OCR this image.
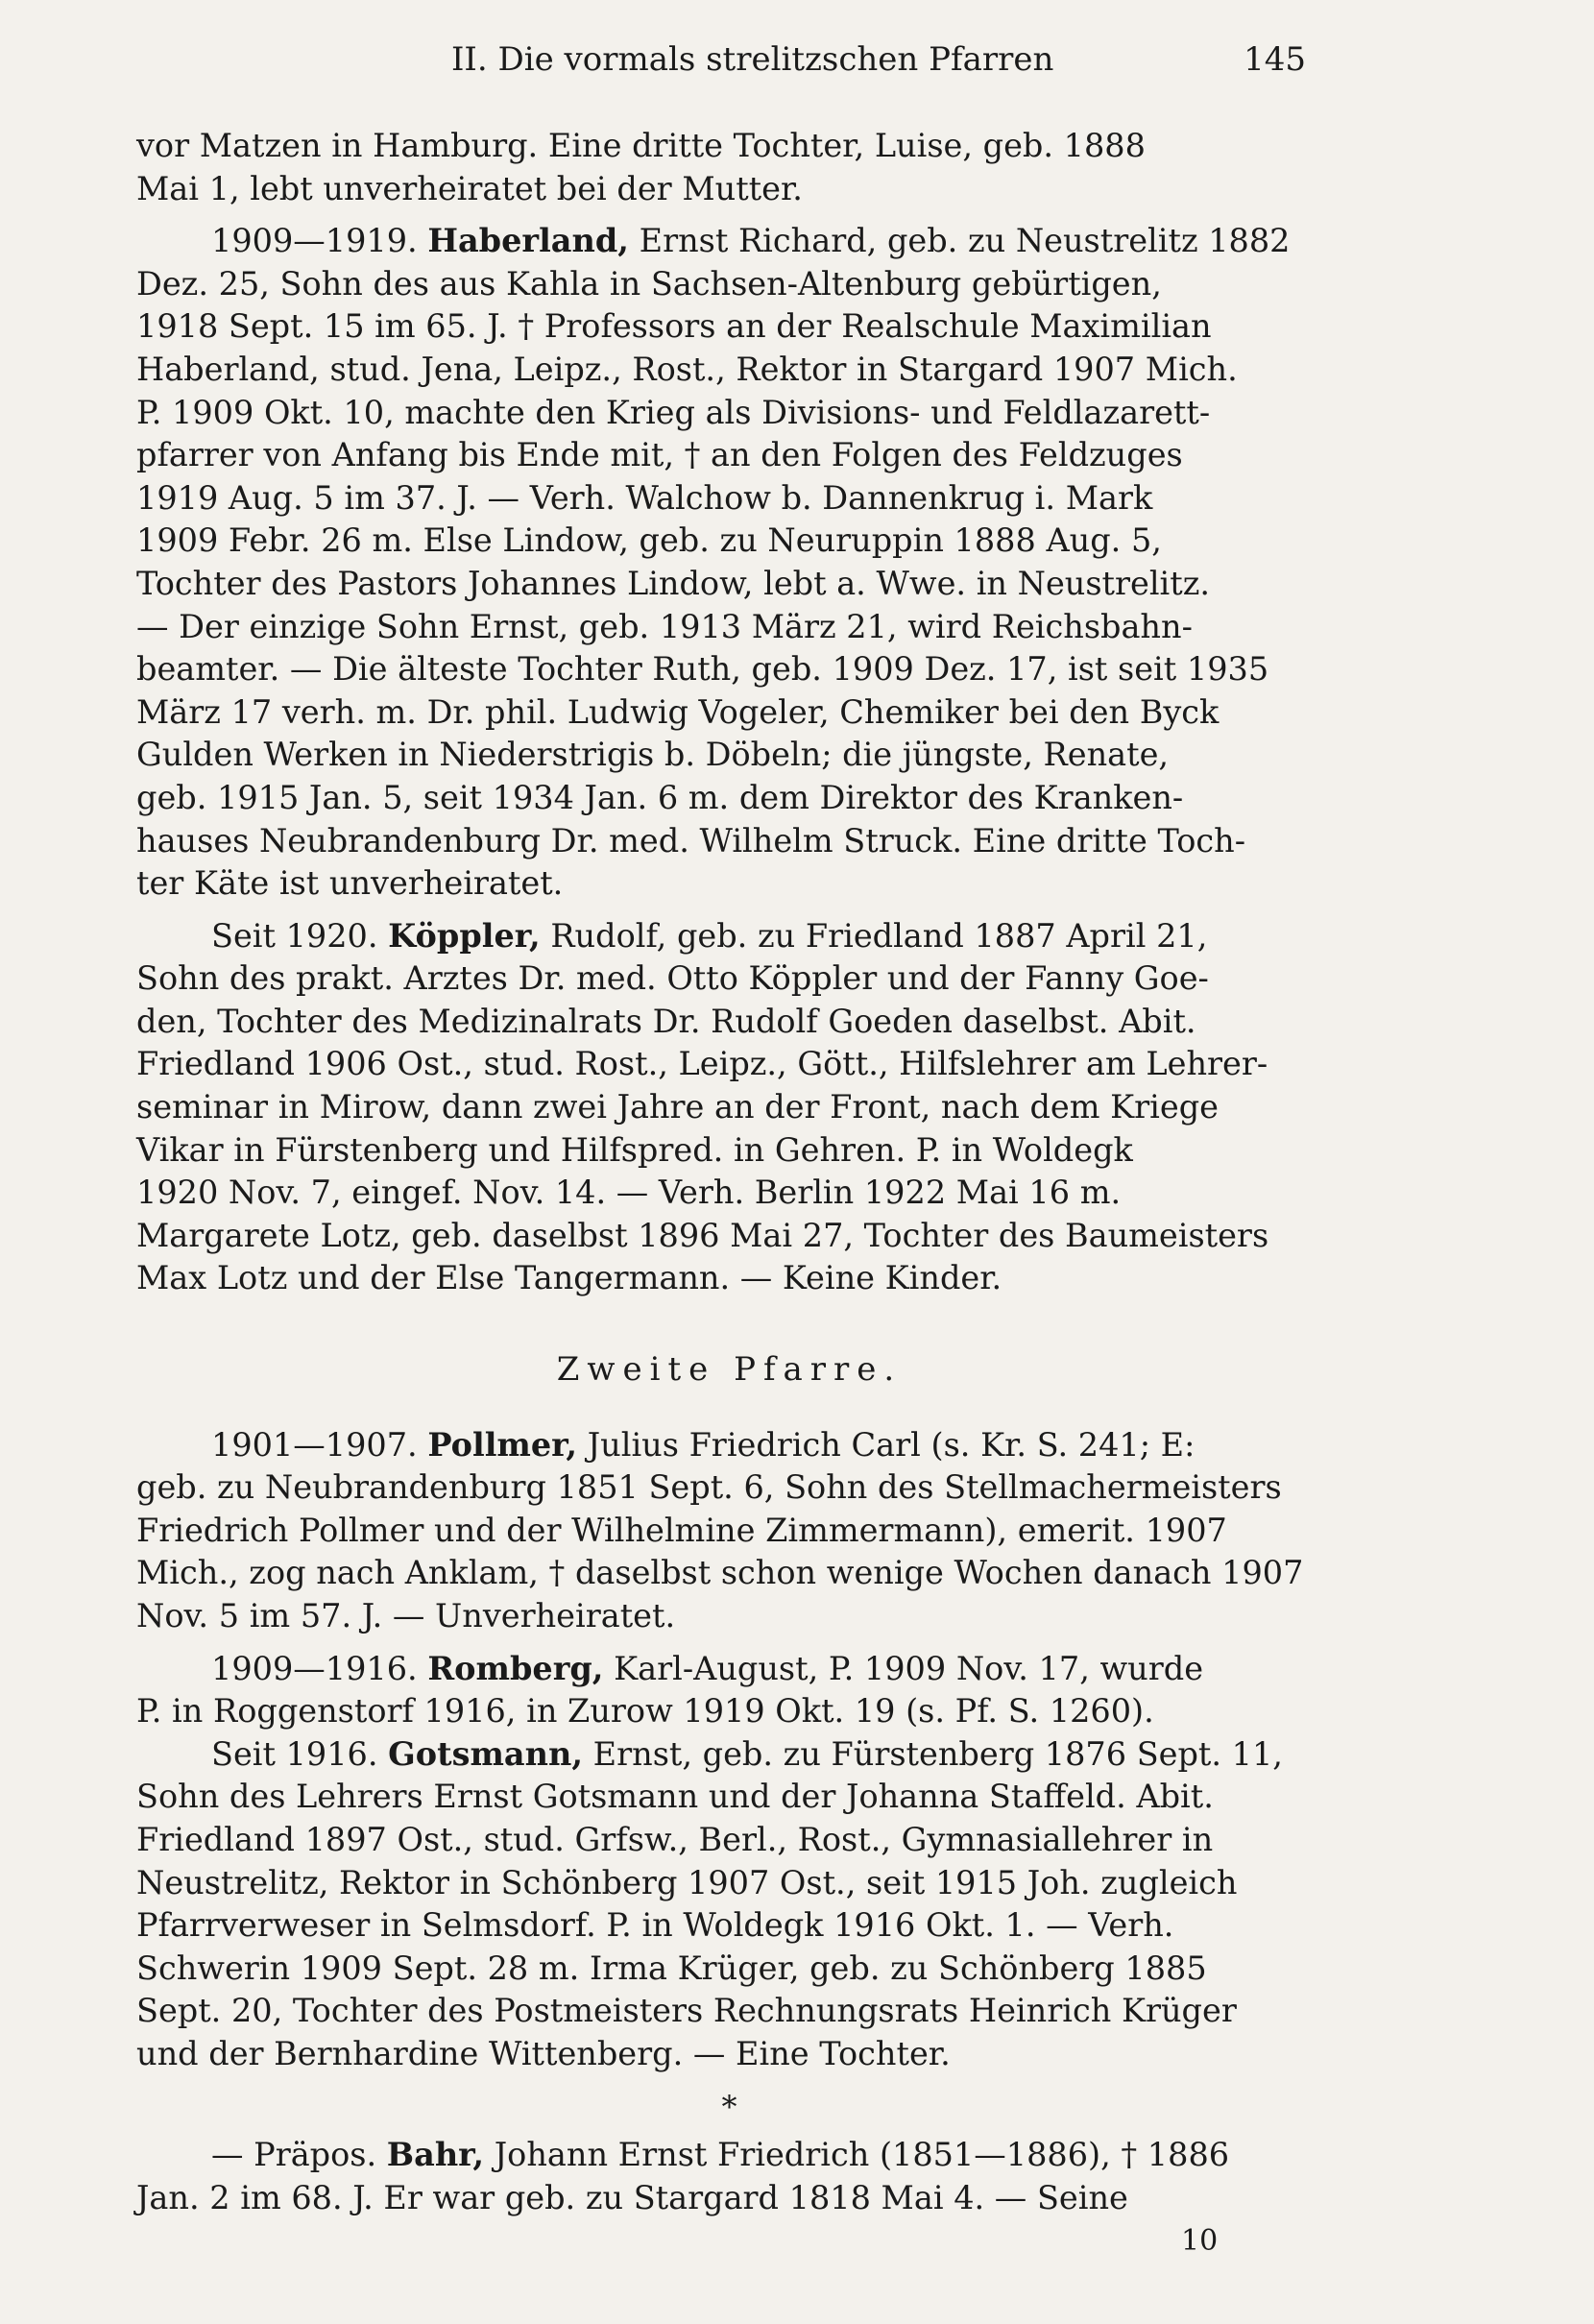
II. Die vormals strelitzschen Pfarren	145

vor Matzen in Hamburg. Eine dritte Tochter, Luise, geb. 1888
Mai 1, lebt unverheiratet bei der Mutter.

1909—1919. Haberland, Ernst Richard, geb. zu Neustrelitz 1882
Dez. 25, Sohn des aus Kahla in Sachsen-Altenburg gebürtigen,
1918 Sept. 15 im 65. J. † Professors an der Realschule Maximilian
Haberland, stud. Jena, Leipz., Rost., Rektor in Stargard 1907 Mich.
P. 1909 Okt. 10, machte den Krieg als Divisions- und Feldlazarett-
pfarrer von Anfang bis Ende mit, † an den Folgen des Feldzuges
1919 Aug. 5 im 37. J. — Verh. Walchow b. Dannenkrug i. Mark
1909 Febr. 26 m. Else Lindow, geb. zu Neuruppin 1888 Aug. 5,
Tochter des Pastors Johannes Lindow, lebt a. Wwe. in Neustrelitz.
— Der einzige Sohn Ernst, geb. 1913 März 21, wird Reichsbahn-
beamter. — Die älteste Tochter Ruth, geb. 1909 Dez. 17, ist seit 1935
März 17 verh. m. Dr. phil. Ludwig Vogeler, Chemiker bei den Byck
Gulden Werken in Niederstrigis b. Döbeln; die jüngste, Renate,
geb. 1915 Jan. 5, seit 1934 Jan. 6 m. dem Direktor des Kranken-
hauses Neubrandenburg Dr. med. Wilhelm Struck. Eine dritte Toch-
ter Käte ist unverheiratet.

Seit 1920. Köppler, Rudolf, geb. zu Friedland 1887 April 21,
Sohn des prakt. Arztes Dr. med. Otto Köppler und der Fanny Goe-
den, Tochter des Medizinalrats Dr. Rudolf Goeden daselbst. Abit.
Friedland 1906 Ost., stud. Rost., Leipz., Gött., Hilfslehrer am Lehrer-
seminar in Mirow, dann zwei Jahre an der Front, nach dem Kriege
Vikar in Fürstenberg und Hilfspred. in Gehren. P. in Woldegk
1920 Nov. 7, eingef. Nov. 14. — Verh. Berlin 1922 Mai 16 m.
Margarete Lotz, geb. daselbst 1896 Mai 27, Tochter des Baumeisters
Max Lotz und der Else Tangermann. — Keine Kinder.

Zweite Pfarre.

1901—1907. Pollmer, Julius Friedrich Carl (s. Kr. S. 241; E:
geb. zu Neubrandenburg 1851 Sept. 6, Sohn des Stellmachermeisters
Friedrich Pollmer und der Wilhelmine Zimmermann), emerit. 1907
Mich., zog nach Anklam, † daselbst schon wenige Wochen danach 1907
Nov. 5 im 57. J. — Unverheiratet.

1909—1916. Romberg, Karl-August, P. 1909 Nov. 17, wurde
P. in Roggenstorf 1916, in Zurow 1919 Okt. 19 (s. Pf. S. 1260).

Seit 1916. Gotsmann, Ernst, geb. zu Fürstenberg 1876 Sept. 11,
Sohn des Lehrers Ernst Gotsmann und der Johanna Staffeld. Abit.
Friedland 1897 Ost., stud. Grfsw., Berl., Rost., Gymnasiallehrer in
Neustrelitz, Rektor in Schönberg 1907 Ost., seit 1915 Joh. zugleich
Pfarrverweser in Selmsdorf. P. in Woldegk 1916 Okt. 1. — Verh.
Schwerin 1909 Sept. 28 m. Irma Krüger, geb. zu Schönberg 1885
Sept. 20, Tochter des Postmeisters Rechnungsrats Heinrich Krüger
und der Bernhardine Wittenberg. — Eine Tochter.

*

— Präpos. Bahr, Johann Ernst Friedrich (1851—1886), † 1886
Jan. 2 im 68. J. Er war geb. zu Stargard 1818 Mai 4. — Seine

10
